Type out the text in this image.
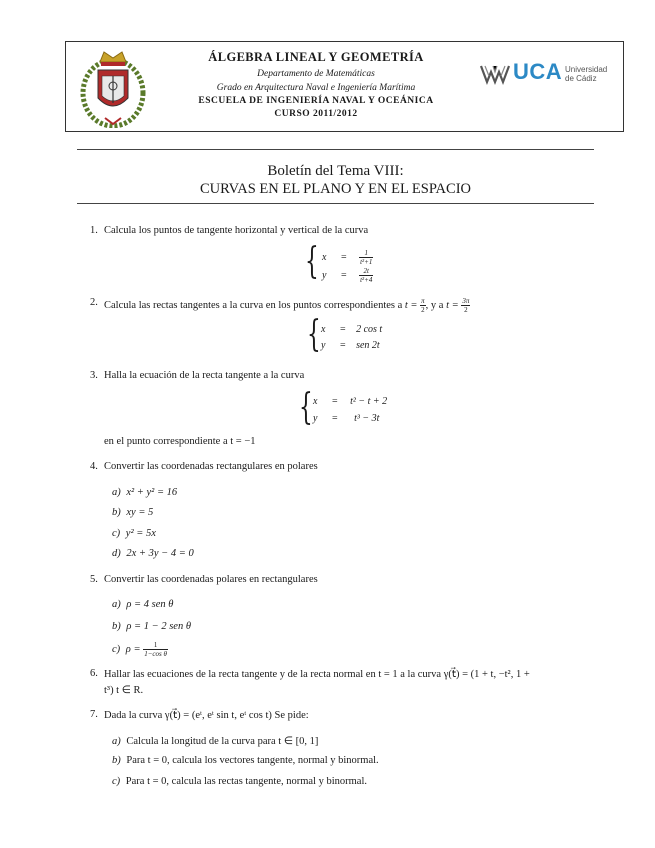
ÁLGEBRA LINEAL Y GEOMETRÍA
Departamento de Matemáticas
Grado en Arquitectura Naval e Ingeniería Marítima
ESCUELA DE INGENIERÍA NAVAL Y OCEÁNICA
CURSO 2011/2012
UCA Universidad
de Cádiz
Boletín del Tema VIII:
CURVAS EN EL PLANO Y EN EL ESPACIO
1. Calcula los puntos de tangente horizontal y vertical de la curva
{ $x = \frac{1}{\text{t²+1}}$
$y = \frac{2t}{\text{t²+4}}$
2. Calcula las rectas tangentes a la curva en los puntos correspondientes a $t = \frac{\pi}{2}$ , y a $t = \frac{3\pi}{2}$
{ x = 2 cos t
y = sen 2t
3. Halla la ecuación de la recta tangente a la curva
{ x = t² − t + 2
y = t³ − 3t
en el punto correspondiente a t = −1
4. Convertir las coordenadas rectangulares en polares
a) x² + y² = 16
b) xy = 5
c) y² = 5x
d) 2x + 3y − 4 = 0
5. Convertir las coordenadas polares en rectangulares
a) ρ = 4 sen θ
b) ρ = 1 − 2 sen θ
c) $\rho = \frac{1}{\text{1−cos θ}}$
6. Hallar las ecuaciones de la recta tangente y de la recta normal en t = 1 a la curva γ(t⃗) = (1 + t, −t², 1 +
t³) t ∈ R.
7. Dada la curva γ(t⃗) = (eᵗ, eᵗ sin t, eᵗ cos t) Se pide:
a) Calcula la longitud de la curva para t ∈ [0, 1]
b) Para t = 0, calcula los vectores tangente, normal y binormal.
c) Para t = 0, calcula las rectas tangente, normal y binormal.
